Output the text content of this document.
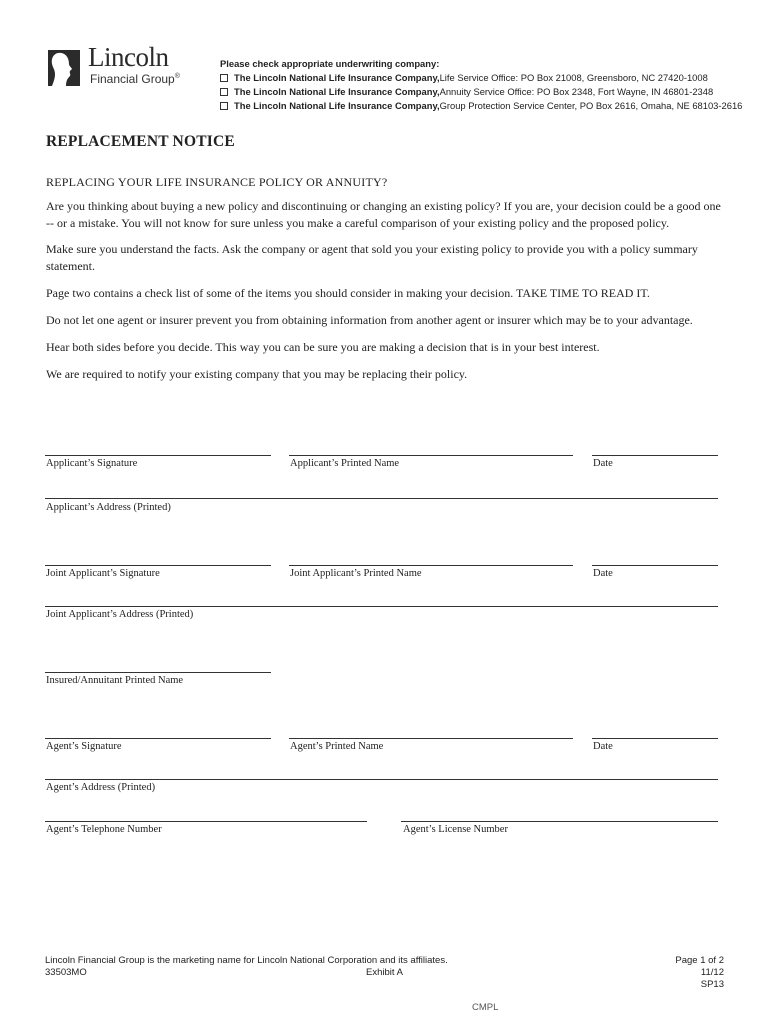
Lincoln
Financial Group®
Please check appropriate underwriting company:
The Lincoln National Life Insurance Company, Life Service Office: PO Box 21008, Greensboro, NC 27420-1008
The Lincoln National Life Insurance Company, Annuity Service Office: PO Box 2348, Fort Wayne, IN 46801-2348
The Lincoln National Life Insurance Company, Group Protection Service Center, PO Box 2616, Omaha, NE 68103-2616
REPLACEMENT NOTICE
REPLACING YOUR LIFE INSURANCE POLICY OR ANNUITY?
Are you thinking about buying a new policy and discontinuing or changing an existing policy? If you are, your decision could be a good one -- or a mistake. You will not know for sure unless you make a careful comparison of your existing policy and the proposed policy.
Make sure you understand the facts. Ask the company or agent that sold you your existing policy to provide you with a policy summary statement.
Page two contains a check list of some of the items you should consider in making your decision. TAKE TIME TO READ IT.
Do not let one agent or insurer prevent you from obtaining information from another agent or insurer which may be to your advantage.
Hear both sides before you decide. This way you can be sure you are making a decision that is in your best interest.
We are required to notify your existing company that you may be replacing their policy.
Applicant’s Signature	Applicant’s Printed Name	Date
Applicant’s Address (Printed)
Joint Applicant’s Signature	Joint Applicant’s Printed Name	Date
Joint Applicant’s Address (Printed)
Insured/Annuitant Printed Name
Agent’s Signature	Agent’s Printed Name	Date
Agent’s Address (Printed)
Agent’s Telephone Number	Agent’s License Number
Lincoln Financial Group is the marketing name for Lincoln National Corporation and its affiliates.
33503MO	Exhibit A
Page 1 of 2
11/12
SP13
CMPL
